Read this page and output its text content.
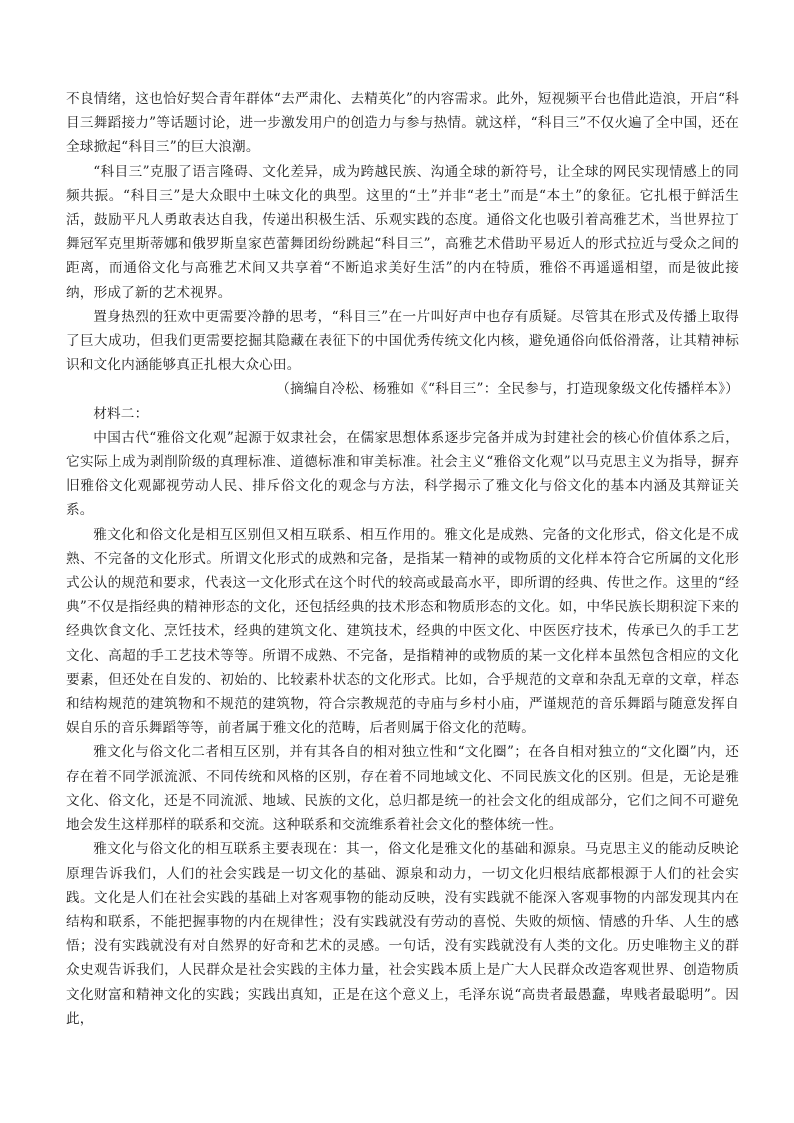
不良情绪，这也恰好契合青年群体“去严肃化、去精英化”的内容需求。此外，短视频平台也借此造浪，开启“科目三舞蹈接力”等话题讨论，进一步激发用户的创造力与参与热情。就这样，“科目三”不仅火遍了全中国，还在全球掀起“科目三”的巨大浪潮。

“科目三”克服了语言隆碍、文化差异，成为跨越民族、沟通全球的新符号，让全球的网民实现情感上的同频共振。“科目三”是大众眼中土味文化的典型。这里的“土”并非“老土”而是“本土”的象征。它扎根于鲜活生活，鼓励平凡人勇敢表达自我，传递出积极生活、乐观实践的态度。通俗文化也吸引着高雅艺术，当世界拉丁舞冠军克里斯蒂娜和俄罗斯皇家芭蕾舞团纷纷跳起“科目三”，高雅艺术借助平易近人的形式拉近与受众之间的距离，而通俗文化与高雅艺术间又共享着“不断追求美好生活”的内在特质，雅俗不再遥遥相望，而是彼此接纳，形成了新的艺术视界。

置身热烈的狂欢中更需要冷静的思考，“科目三”在一片叫好声中也存有质疑。尽管其在形式及传播上取得了巨大成功，但我们更需要挖掘其隐藏在表征下的中国优秀传统文化内核，避免通俗向低俗滑落，让其精神标识和文化内涵能够真正扎根大众心田。

（摘编自冷松、杨雅如《“科目三”：全民参与，打造现象级文化传播样本》）

材料二：

中国古代“雅俗文化观”起源于奴隶社会，在儒家思想体系逐步完备并成为封建社会的核心价值体系之后，它实际上成为剥削阶级的真理标准、道德标准和审美标准。社会主义“雅俗文化观”以马克思主义为指导，摒弃旧雅俗文化观鄙视劳动人民、排斥俗文化的观念与方法，科学揭示了雅文化与俗文化的基本内涵及其辩证关系。

雅文化和俗文化是相互区别但又相互联系、相互作用的。雅文化是成熟、完备的文化形式，俗文化是不成熟、不完备的文化形式。所谓文化形式的成熟和完备，是指某一精神的或物质的文化样本符合它所属的文化形式公认的规范和要求，代表这一文化形式在这个时代的较高或最高水平，即所谓的经典、传世之作。这里的“经典”不仅是指经典的精神形态的文化，还包括经典的技术形态和物质形态的文化。如，中华民族长期积淀下来的经典饮食文化、烹饪技术，经典的建筑文化、建筑技术，经典的中医文化、中医医疗技术，传承已久的手工艺文化、高超的手工艺技术等等。所谓不成熟、不完备，是指精神的或物质的某一文化样本虽然包含相应的文化要素，但还处在自发的、初始的、比较素朴状态的文化形式。比如，合乎规范的文章和杂乱无章的文章，样态和结构规范的建筑物和不规范的建筑物，符合宗教规范的寺庙与乡村小庙，严谨规范的音乐舞蹈与随意发挥自娱自乐的音乐舞蹈等等，前者属于雅文化的范畴，后者则属于俗文化的范畴。

雅文化与俗文化二者相互区别，并有其各自的相对独立性和“文化圈”；在各自相对独立的“文化圈”内，还存在着不同学派流派、不同传统和风格的区别，存在着不同地域文化、不同民族文化的区别。但是，无论是雅文化、俗文化，还是不同流派、地域、民族的文化，总归都是统一的社会文化的组成部分，它们之间不可避免地会发生这样那样的联系和交流。这种联系和交流维系着社会文化的整体统一性。

雅文化与俗文化的相互联系主要表现在：其一，俗文化是雅文化的基础和源泉。马克思主义的能动反映论原理告诉我们，人们的社会实践是一切文化的基础、源泉和动力，一切文化归根结底都根源于人们的社会实践。文化是人们在社会实践的基础上对客观事物的能动反映，没有实践就不能深入客观事物的内部发现其内在结构和联系，不能把握事物的内在规律性；没有实践就没有劳动的喜悦、失败的烦恼、情感的升华、人生的感悟；没有实践就没有对自然界的好奇和艺术的灵感。一句话，没有实践就没有人类的文化。历史唯物主义的群众史观告诉我们，人民群众是社会实践的主体力量，社会实践本质上是广大人民群众改造客观世界、创造物质文化财富和精神文化的实践；实践出真知，正是在这个意义上，毛泽东说“高贵者最愚蠢，卑贱者最聪明”。因此，
